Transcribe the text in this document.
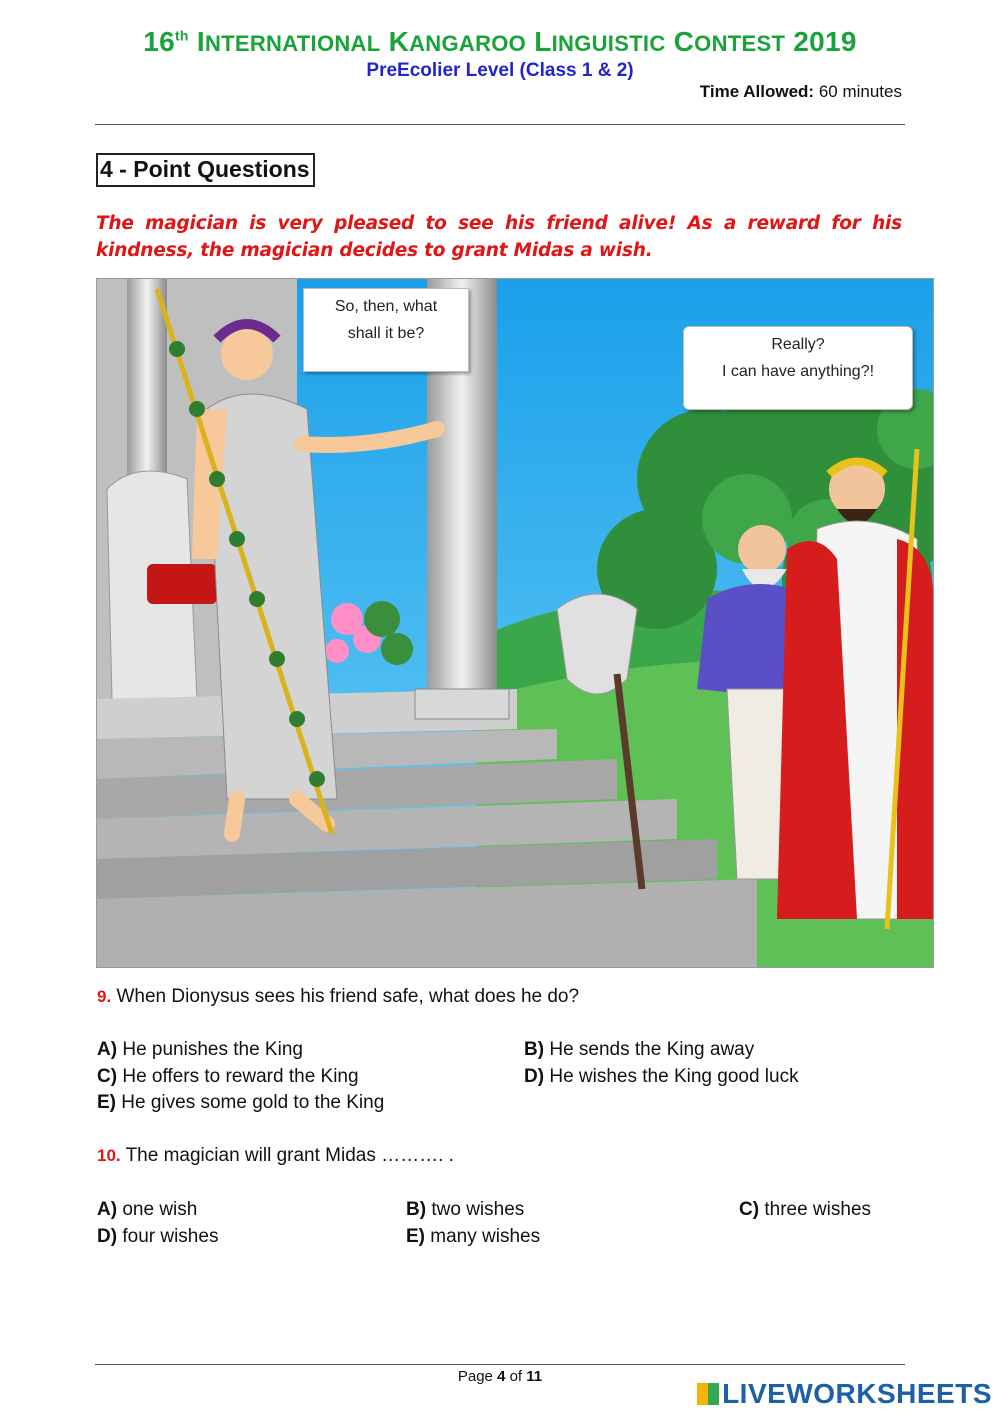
16th INTERNATIONAL KANGAROO LINGUISTIC CONTEST 2019
PreEcolier Level (Class 1 & 2)
Time Allowed: 60 minutes
4 - Point Questions
The magician is very pleased to see his friend alive! As a reward for his kindness, the magician decides to grant Midas a wish.
So, then, what
shall it be?
Really?
I can have anything?!
9. When Dionysus sees his friend safe, what does he do?
A) He punishes the King	B) He sends the King away
C) He offers to reward the King	D) He wishes the King good luck
E) He gives some gold to the King
10. The magician will grant Midas ………. .
A) one wish	B) two wishes	C) three wishes
D) four wishes	E) many wishes
Page 4 of 11
LIVEWORKSHEETS
